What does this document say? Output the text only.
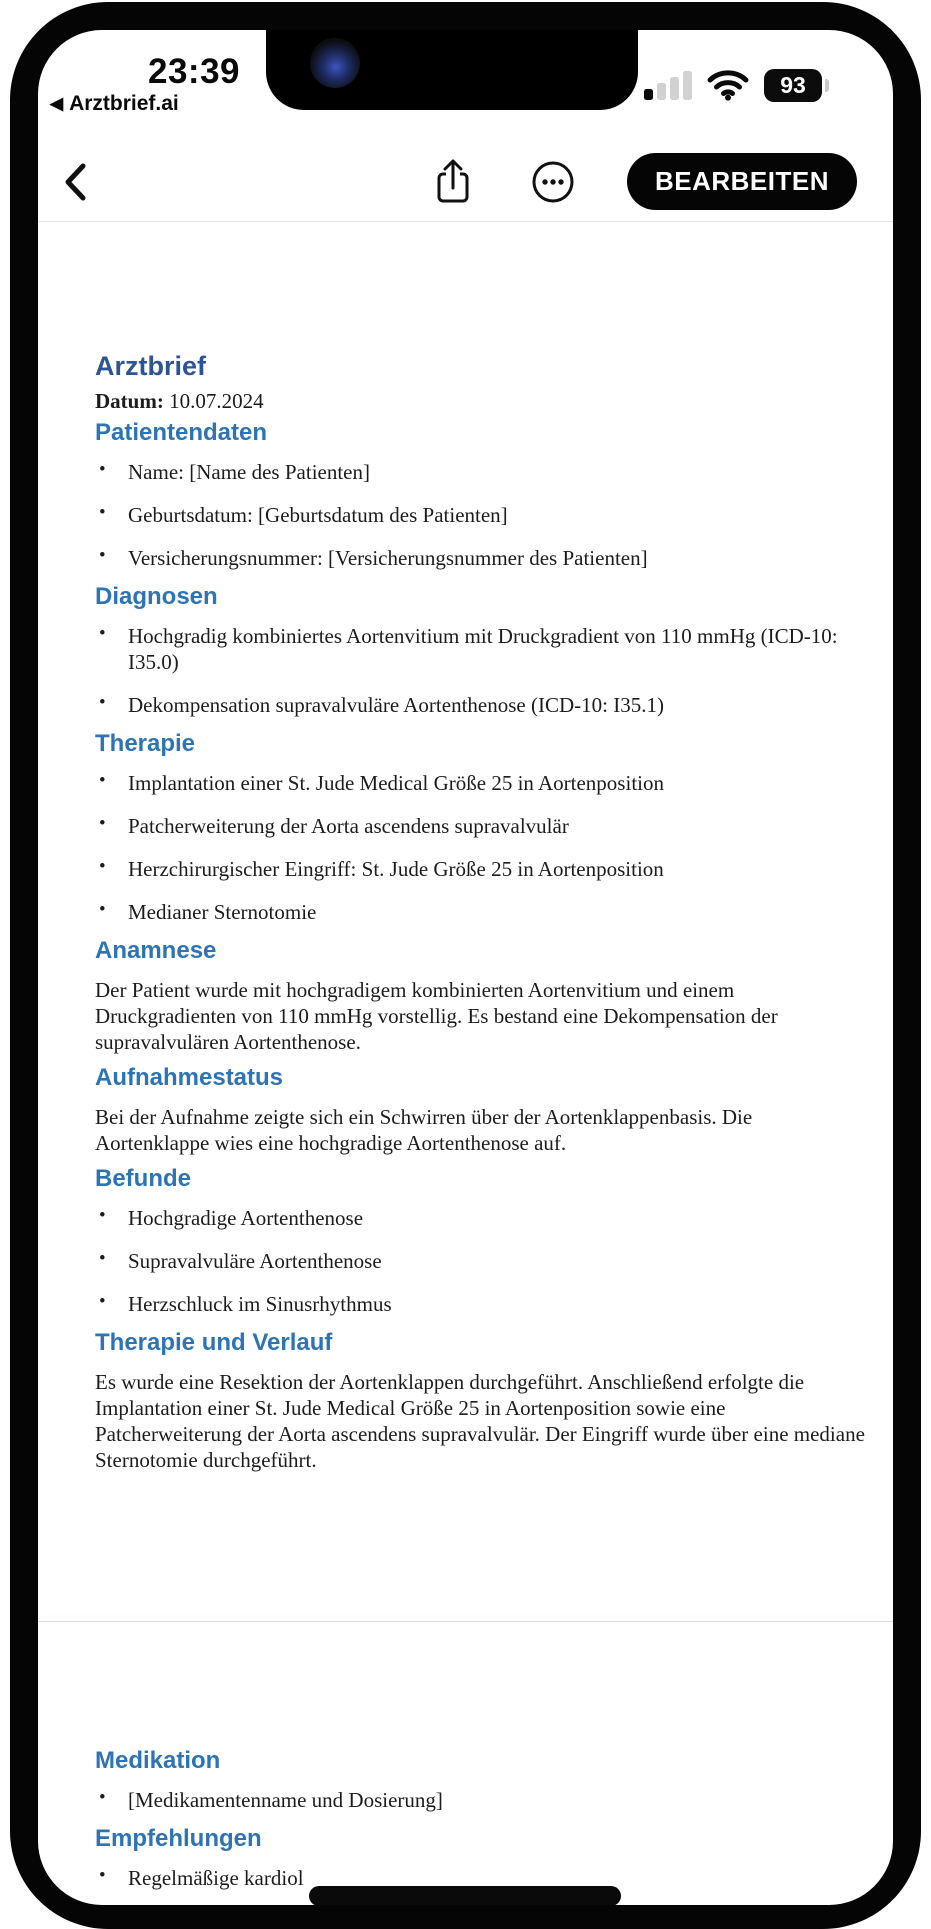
23:39	93
◀ Arztbrief.ai
BEARBEITEN
Arztbrief

Datum: 10.07.2024

Patientendaten
• Name: [Name des Patienten]
• Geburtsdatum: [Geburtsdatum des Patienten]
• Versicherungsnummer: [Versicherungsnummer des Patienten]
Diagnosen
• Hochgradig kombiniertes Aortenvitium mit Druckgradient von 110 mmHg (ICD-10: I35.0)
• Dekompensation supravalvuläre Aortenthenose (ICD-10: I35.1)
Therapie
• Implantation einer St. Jude Medical Größe 25 in Aortenposition
• Patcherweiterung der Aorta ascendens supravalvulär
• Herzchirurgischer Eingriff: St. Jude Größe 25 in Aortenposition
• Medianer Sternotomie
Anamnese

Der Patient wurde mit hochgradigem kombinierten Aortenvitium und einem Druckgradienten von 110 mmHg vorstellig. Es bestand eine Dekompensation der supravalvulären Aortenthenose.

Aufnahmestatus

Bei der Aufnahme zeigte sich ein Schwirren über der Aortenklappenbasis. Die Aortenklappe wies eine hochgradige Aortenthenose auf.

Befunde
• Hochgradige Aortenthenose
• Supravalvuläre Aortenthenose
• Herzschluck im Sinusrhythmus
Therapie und Verlauf

Es wurde eine Resektion der Aortenklappen durchgeführt. Anschließend erfolgte die Implantation einer St. Jude Medical Größe 25 in Aortenposition sowie eine Patcherweiterung der Aorta ascendens supravalvulär. Der Eingriff wurde über eine mediane Sternotomie durchgeführt.

Medikation
• [Medikamentenname und Dosierung]
Empfehlungen
• Regelmäßige kardiol
